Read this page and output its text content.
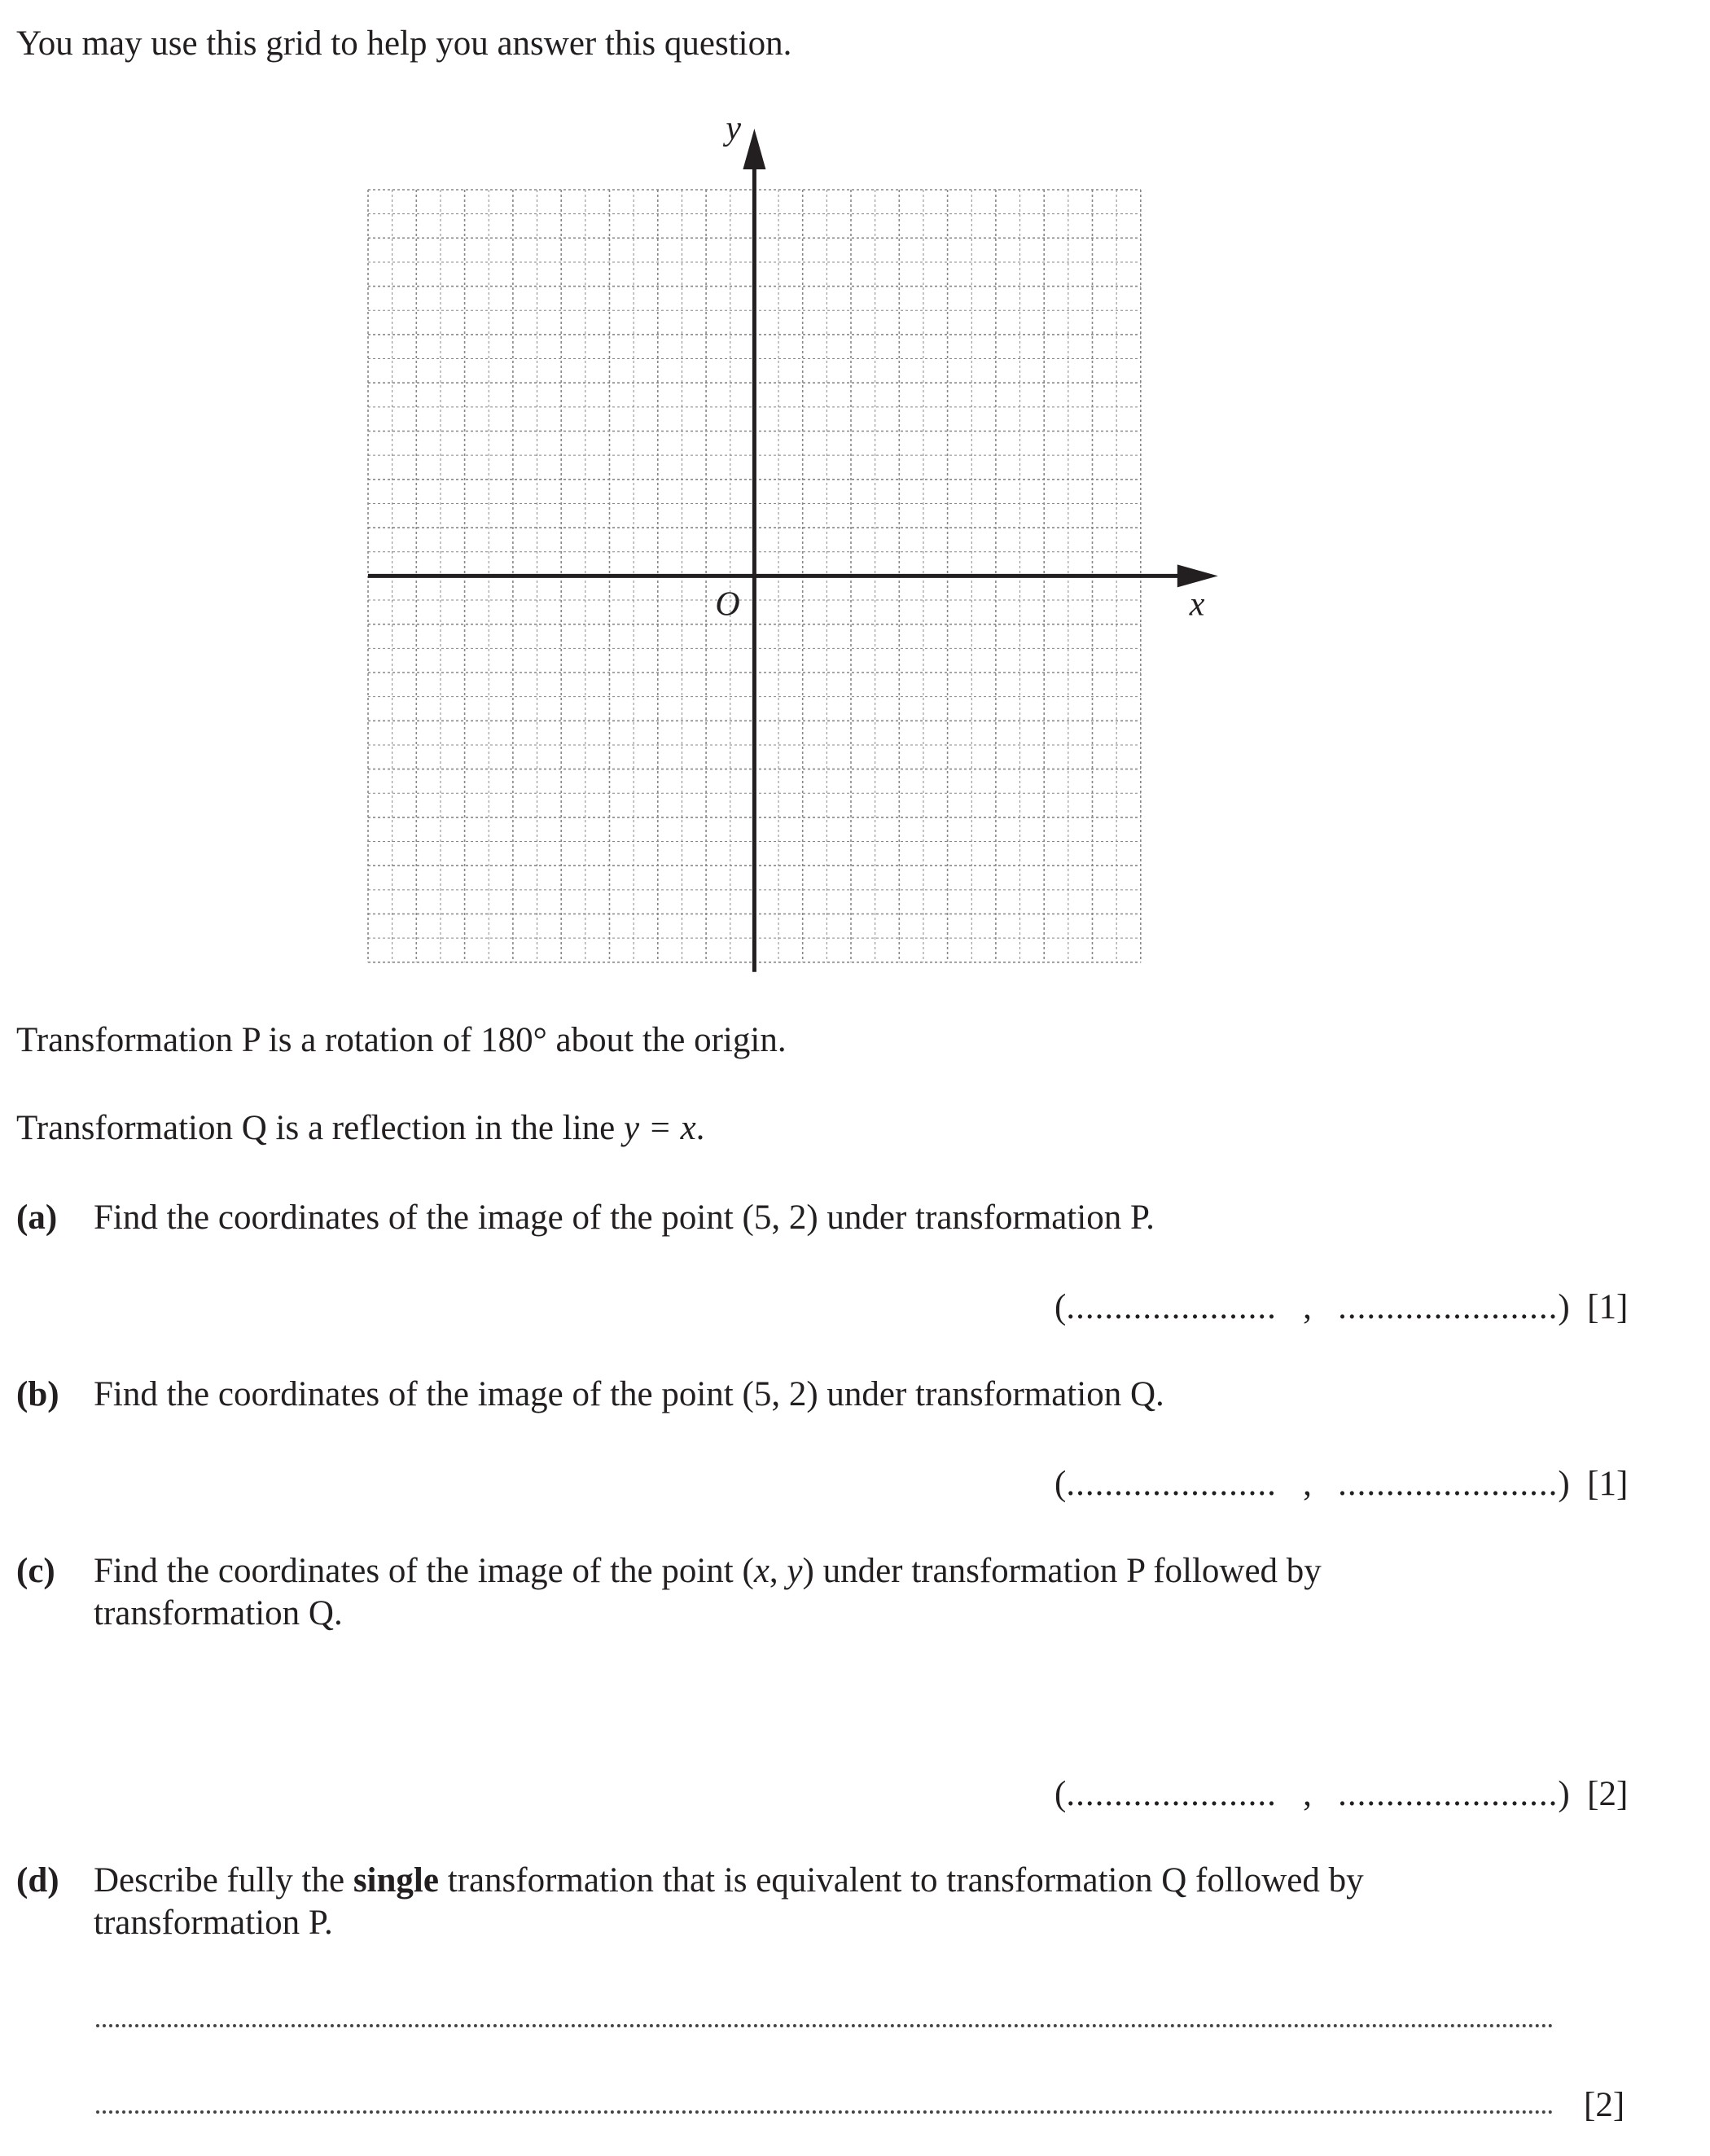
You may use this grid to help you answer this question.
x
y
O
Transformation P is a rotation of 180° about the origin.
Transformation Q is a reflection in the line y = x.
(a) Find the coordinates of the image of the point (5, 2) under transformation P.
(...................... , .......................) [1]
(b) Find the coordinates of the image of the point (5, 2) under transformation Q.
(...................... , .......................) [1]
(c) Find the coordinates of the image of the point (x, y) under transformation P followed by
transformation Q.
(...................... , .......................) [2]
(d) Describe fully the single transformation that is equivalent to transformation Q followed by
transformation P.
[2]
